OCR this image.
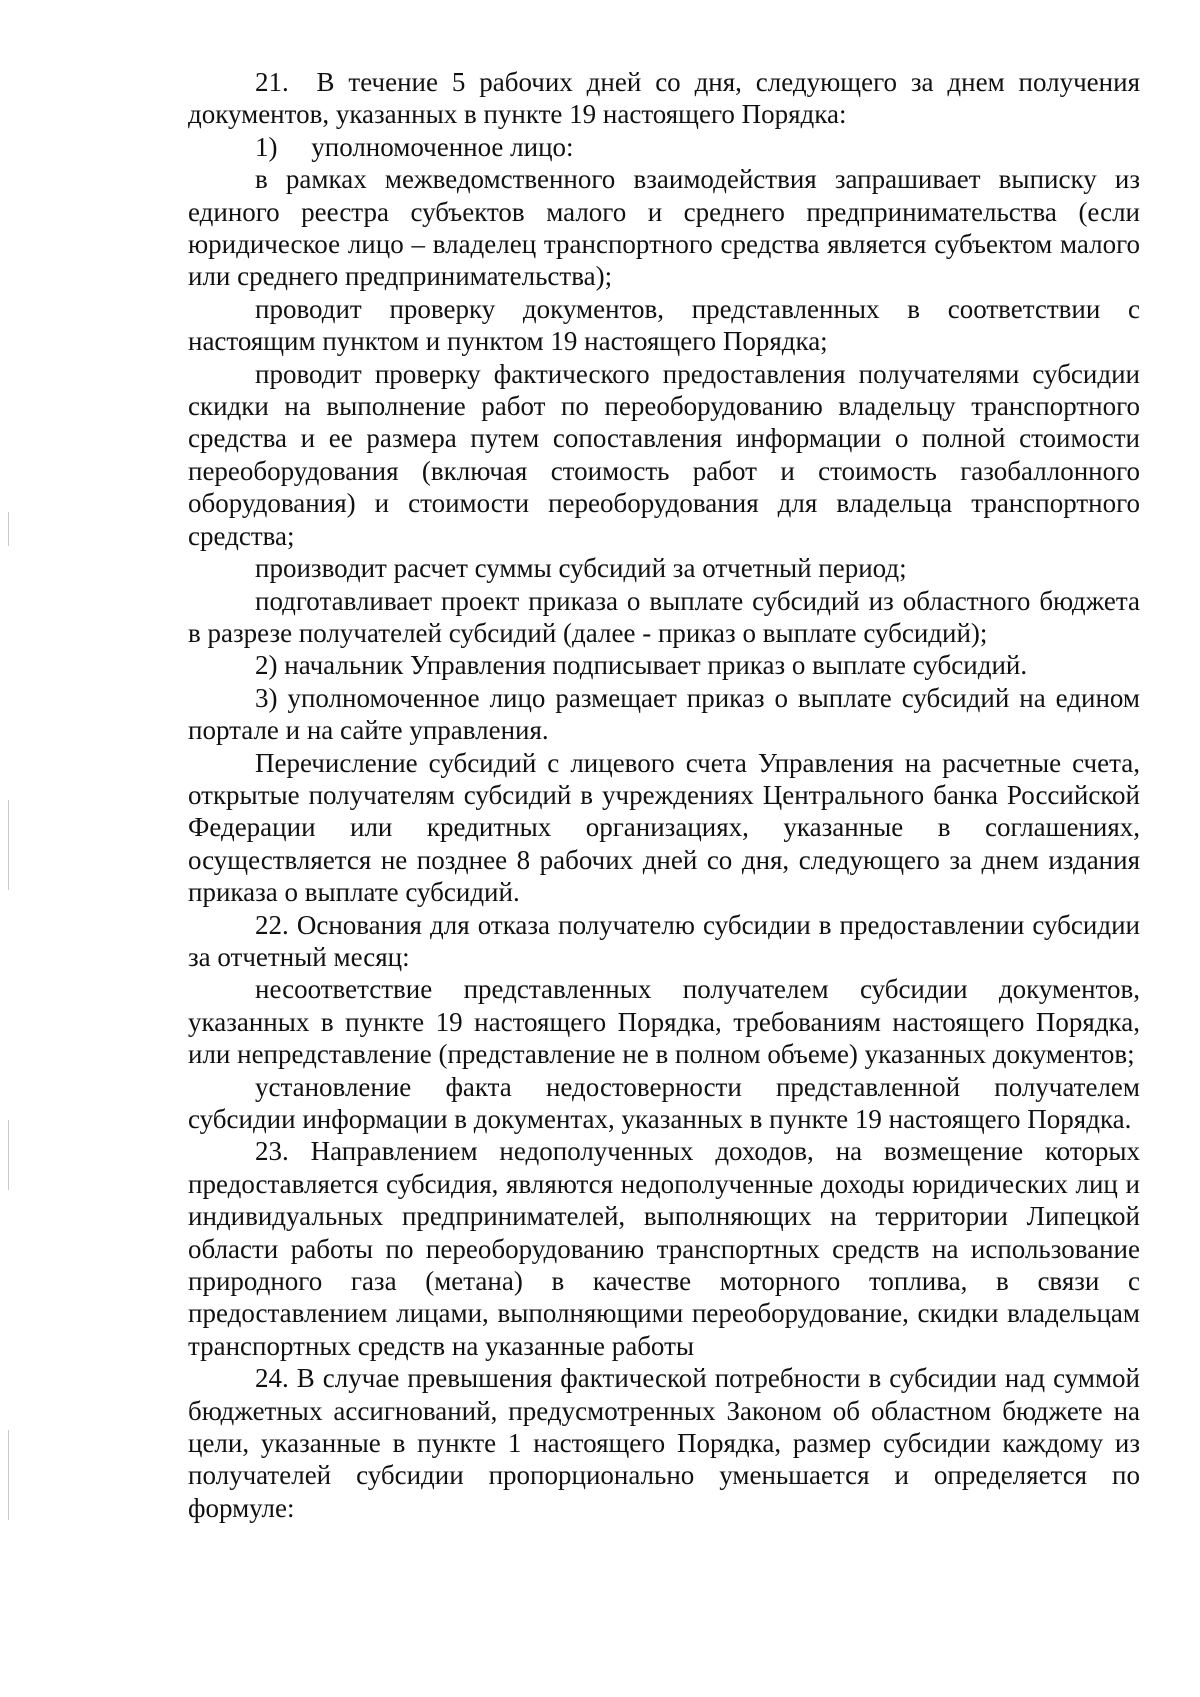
21.  В течение 5 рабочих дней со дня, следующего за днем получения документов, указанных в пункте 19 настоящего Порядка:

1)     уполномоченное лицо:

в рамках межведомственного взаимодействия запрашивает выписку из единого реестра субъектов малого и среднего предпринимательства (если юридическое лицо – владелец транспортного средства является субъектом малого или среднего предпринимательства);

проводит проверку документов, представленных в соответствии с настоящим пунктом и пунктом 19 настоящего Порядка;

проводит проверку фактического предоставления получателями субсидии скидки на выполнение работ по переоборудованию владельцу транспортного средства и ее размера путем сопоставления информации о полной стоимости переоборудования (включая стоимость работ и стоимость газобаллонного оборудования) и стоимости переоборудования для владельца транспортного средства;

производит расчет суммы субсидий за отчетный период;

подготавливает проект приказа о выплате субсидий из областного бюджета в разрезе получателей субсидий (далее - приказ о выплате субсидий);

2) начальник Управления подписывает приказ о выплате субсидий.

3) уполномоченное лицо размещает приказ о выплате субсидий на едином портале и на сайте управления.

Перечисление субсидий с лицевого счета Управления на расчетные счета, открытые получателям субсидий в учреждениях Центрального банка Российской Федерации или кредитных организациях, указанные в соглашениях, осуществляется не позднее 8 рабочих дней со дня, следующего за днем издания приказа о выплате субсидий.

22. Основания для отказа получателю субсидии в предоставлении субсидии за отчетный месяц:

несоответствие представленных получателем субсидии документов, указанных в пункте 19 настоящего Порядка, требованиям настоящего Порядка, или непредставление (представление не в полном объеме) указанных документов;

установление факта недостоверности представленной получателем субсидии информации в документах, указанных в пункте 19 настоящего Порядка.

23. Направлением недополученных доходов, на возмещение которых предоставляется субсидия, являются недополученные доходы юридических лиц и индивидуальных предпринимателей, выполняющих на территории Липецкой области работы по переоборудованию транспортных средств на использование природного газа (метана) в качестве моторного топлива, в связи с предоставлением лицами, выполняющими переоборудование, скидки владельцам транспортных средств на указанные работы

24. В случае превышения фактической потребности в субсидии над суммой бюджетных ассигнований, предусмотренных Законом об областном бюджете на цели, указанные в пункте 1 настоящего Порядка, размер субсидии каждому из получателей субсидии пропорционально уменьшается и определяется по формуле:
